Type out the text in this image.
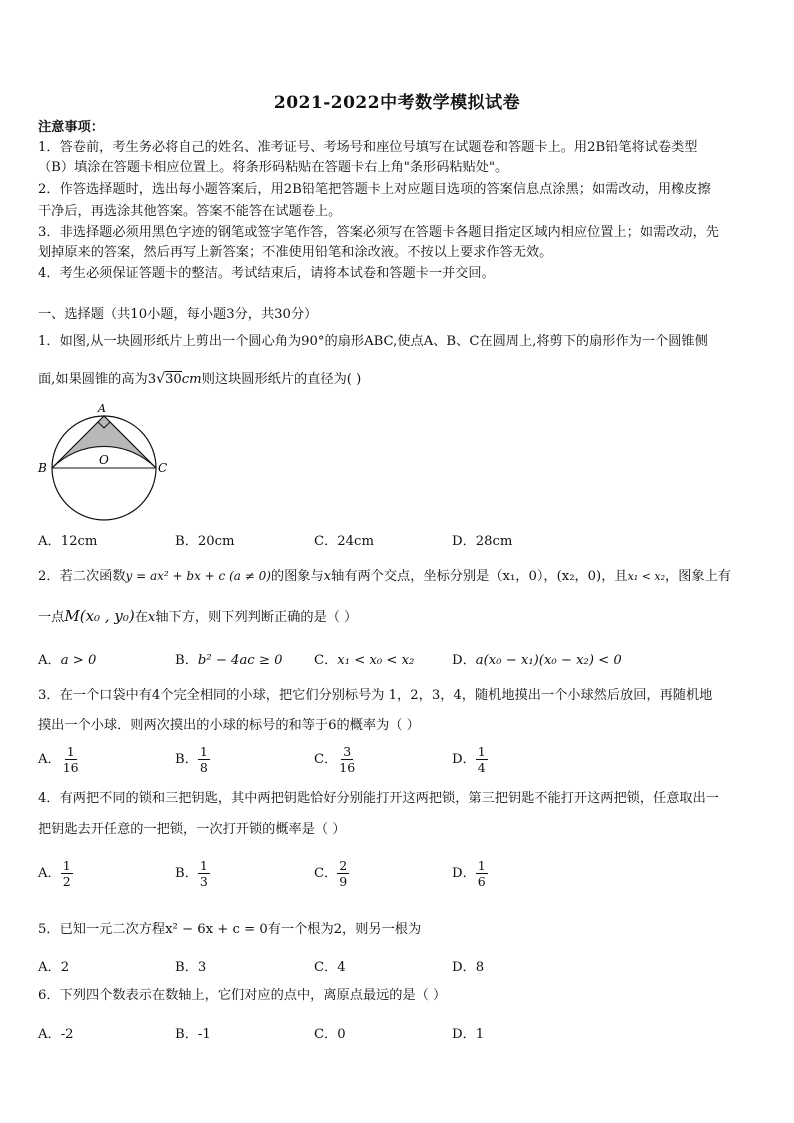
2021-2022中考数学模拟试卷
注意事项：
1．答卷前，考生务必将自己的姓名、准考证号、考场号和座位号填写在试题卷和答题卡上。用2B铅笔将试卷类型
（B）填涂在答题卡相应位置上。将条形码粘贴在答题卡右上角"条形码粘贴处"。
2．作答选择题时，选出每小题答案后，用2B铅笔把答题卡上对应题目选项的答案信息点涂黑；如需改动，用橡皮擦
干净后，再选涂其他答案。答案不能答在试题卷上。
3．非选择题必须用黑色字迹的钢笔或签字笔作答，答案必须写在答题卡各题目指定区域内相应位置上；如需改动，先
划掉原来的答案，然后再写上新答案；不准使用铅笔和涂改液。不按以上要求作答无效。
4．考生必须保证答题卡的整洁。考试结束后，请将本试卷和答题卡一并交回。
一、选择题（共10小题，每小题3分，共30分）
1．如图,从一块圆形纸片上剪出一个圆心角为90°的扇形ABC,使点A、B、C在圆周上,将剪下的扇形作为一个圆锥侧
面,如果圆锥的高为3√30cm则这块圆形纸片的直径为( )
A
B	C
O
A．12cm	B．20cm	C．24cm	D．28cm
2．若二次函数y = ax² + bx + c (a ≠ 0)的图象与x轴有两个交点，坐标分别是（x₁，0），(x₂，0)，且x₁ < x₂，图象上有
一点M(x₀ , y₀)在x轴下方，则下列判断正确的是（ ）
A．a > 0	B．b² − 4ac ≥ 0 C．x₁ < x₀ < x₂	D．a(x₀ − x₁)(x₀ − x₂) < 0
3．在一个口袋中有4个完全相同的小球，把它们分别标号为 1，2，3，4，随机地摸出一个小球然后放回，再随机地
摸出一个小球．则两次摸出的小球的标号的和等于6的概率为（ ）
A． $\frac{1}{16}$	B． $\frac{1}{8}$	C． $\frac{3}{16}$	D． $\frac{1}{4}$
4．有两把不同的锁和三把钥匙，其中两把钥匙恰好分别能打开这两把锁，第三把钥匙不能打开这两把锁，任意取出一
把钥匙去开任意的一把锁，一次打开锁的概率是（ ）
A． $\frac{1}{2}$	B． $\frac{1}{3}$	C． $\frac{2}{9}$	D． $\frac{1}{6}$
5．已知一元二次方程x² − 6x + c = 0有一个根为2，则另一根为
A．2	B．3	C．4	D．8
6．下列四个数表示在数轴上，它们对应的点中，离原点最远的是（ ）
A．-2	B．-1	C．0	D．1
